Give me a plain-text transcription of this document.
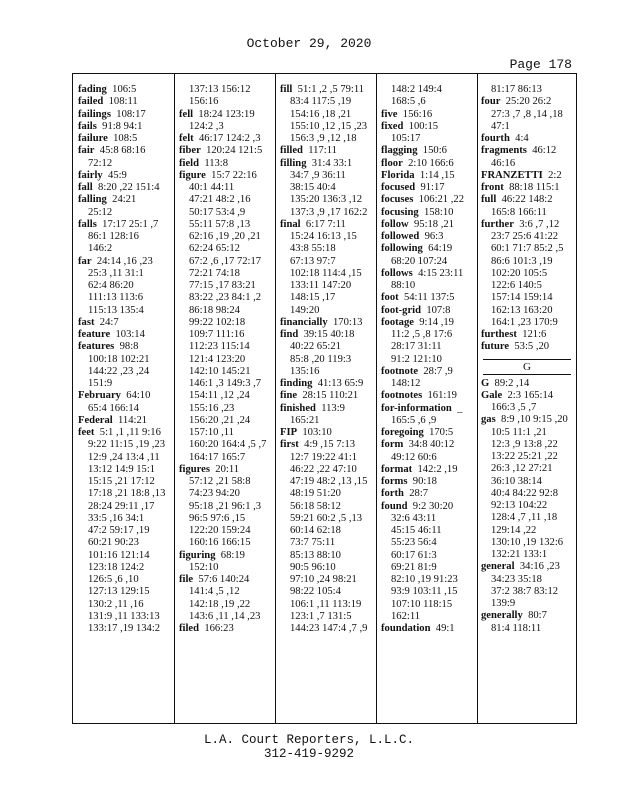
October 29, 2020
Page 178
fading 106:5
failed 108:11
failings 108:17
fails 91:8 94:1
failure 108:5
fair 45:8 68:16
72:12
fairly 45:9
fall 8:20 ,22 151:4
falling 24:21
25:12
falls 17:17 25:1 ,7
86:1 128:16
146:2
far 24:14 ,16 ,23
25:3 ,11 31:1
62:4 86:20
111:13 113:6
115:13 135:4
fast 24:7
feature 103:14
features 98:8
100:18 102:21
144:22 ,23 ,24
151:9
February 64:10
65:4 166:14
Federal 114:21
feet 5:1 ,1 ,11 9:16
9:22 11:15 ,19 ,23
12:9 ,24 13:4 ,11
13:12 14:9 15:1
15:15 ,21 17:12
17:18 ,21 18:8 ,13
28:24 29:11 ,17
33:5 ,16 34:1
47:2 59:17 ,19
60:21 90:23
101:16 121:14
123:18 124:2
126:5 ,6 ,10
127:13 129:15
130:2 ,11 ,16
131:9 ,11 133:13
133:17 ,19 134:2
137:13 156:12
156:16
fell 18:24 123:19
124:2 ,3
felt 46:17 124:2 ,3
fiber 120:24 121:5
field 113:8
figure 15:7 22:16
40:1 44:11
47:21 48:2 ,16
50:17 53:4 ,9
55:11 57:8 ,13
62:16 ,19 ,20 ,21
62:24 65:12
67:2 ,6 ,17 72:17
72:21 74:18
77:15 ,17 83:21
83:22 ,23 84:1 ,2
86:18 98:24
99:22 102:18
109:7 111:16
112:23 115:14
121:4 123:20
142:10 145:21
146:1 ,3 149:3 ,7
154:11 ,12 ,24
155:16 ,23
156:20 ,21 ,24
157:10 ,11
160:20 164:4 ,5 ,7
164:17 165:7
figures 20:11
57:12 ,21 58:8
74:23 94:20
95:18 ,21 96:1 ,3
96:5 97:6 ,15
122:20 159:24
160:16 166:15
figuring 68:19
152:10
file 57:6 140:24
141:4 ,5 ,12
142:18 ,19 ,22
143:6 ,11 ,14 ,23
filed 166:23
fill 51:1 ,2 ,5 79:11
83:4 117:5 ,19
154:16 ,18 ,21
155:10 ,12 ,15 ,23
156:3 ,9 ,12 ,18
filled 117:11
filling 31:4 33:1
34:7 ,9 36:11
38:15 40:4
135:20 136:3 ,12
137:3 ,9 ,17 162:2
final 6:17 7:11
15:24 16:13 ,15
43:8 55:18
67:13 97:7
102:18 114:4 ,15
133:11 147:20
148:15 ,17
149:20
financially 170:13
find 39:15 40:18
40:22 65:21
85:8 ,20 119:3
135:16
finding 41:13 65:9
fine 28:15 110:21
finished 113:9
165:21
FIP 103:10
first 4:9 ,15 7:13
12:7 19:22 41:1
46:22 ,22 47:10
47:19 48:2 ,13 ,15
48:19 51:20
56:18 58:12
59:21 60:2 ,5 ,13
60:14 62:18
73:7 75:11
85:13 88:10
90:5 96:10
97:10 ,24 98:21
98:22 105:4
106:1 ,11 113:19
123:1 ,7 131:5
144:23 147:4 ,7 ,9
148:2 149:4
168:5 ,6
five 156:16
fixed 100:15
105:17
flagging 150:6
floor 2:10 166:6
Florida 1:14 ,15
focused 91:17
focuses 106:21 ,22
focusing 158:10
follow 95:18 ,21
followed 96:3
following 64:19
68:20 107:24
follows 4:15 23:11
88:10
foot 54:11 137:5
foot-grid 107:8
footage 9:14 ,19
11:2 ,5 ,8 17:6
28:17 31:11
91:2 121:10
footnote 28:7 ,9
148:12
footnotes 161:19
for-information _
165:5 ,6 ,9
foregoing 170:5
form 34:8 40:12
49:12 60:6
format 142:2 ,19
forms 90:18
forth 28:7
found 9:2 30:20
32:6 43:11
45:15 46:11
55:23 56:4
60:17 61:3
69:21 81:9
82:10 ,19 91:23
93:9 103:11 ,15
107:10 118:15
162:11
foundation 49:1
81:17 86:13
four 25:20 26:2
27:3 ,7 ,8 ,14 ,18
47:1
fourth 4:4
fragments 46:12
46:16
FRANZETTI 2:2
front 88:18 115:1
full 46:22 148:2
165:8 166:11
further 3:6 ,7 ,12
23:7 25:6 41:22
60:1 71:7 85:2 ,5
86:6 101:3 ,19
102:20 105:5
122:6 140:5
157:14 159:14
162:13 163:20
164:1 ,23 170:9
furthest 121:6
future 53:5 ,20
G
G 89:2 ,14
Gale 2:3 165:14
166:3 ,5 ,7
gas 8:9 ,10 9:15 ,20
10:5 11:1 ,21
12:3 ,9 13:8 ,22
13:22 25:21 ,22
26:3 ,12 27:21
36:10 38:14
40:4 84:22 92:8
92:13 104:22
128:4 ,7 ,11 ,18
129:14 ,22
130:10 ,19 132:6
132:21 133:1
general 34:16 ,23
34:23 35:18
37:2 38:7 83:12
139:9
generally 80:7
81:4 118:11
L.A. Court Reporters, L.L.C.
312-419-9292
